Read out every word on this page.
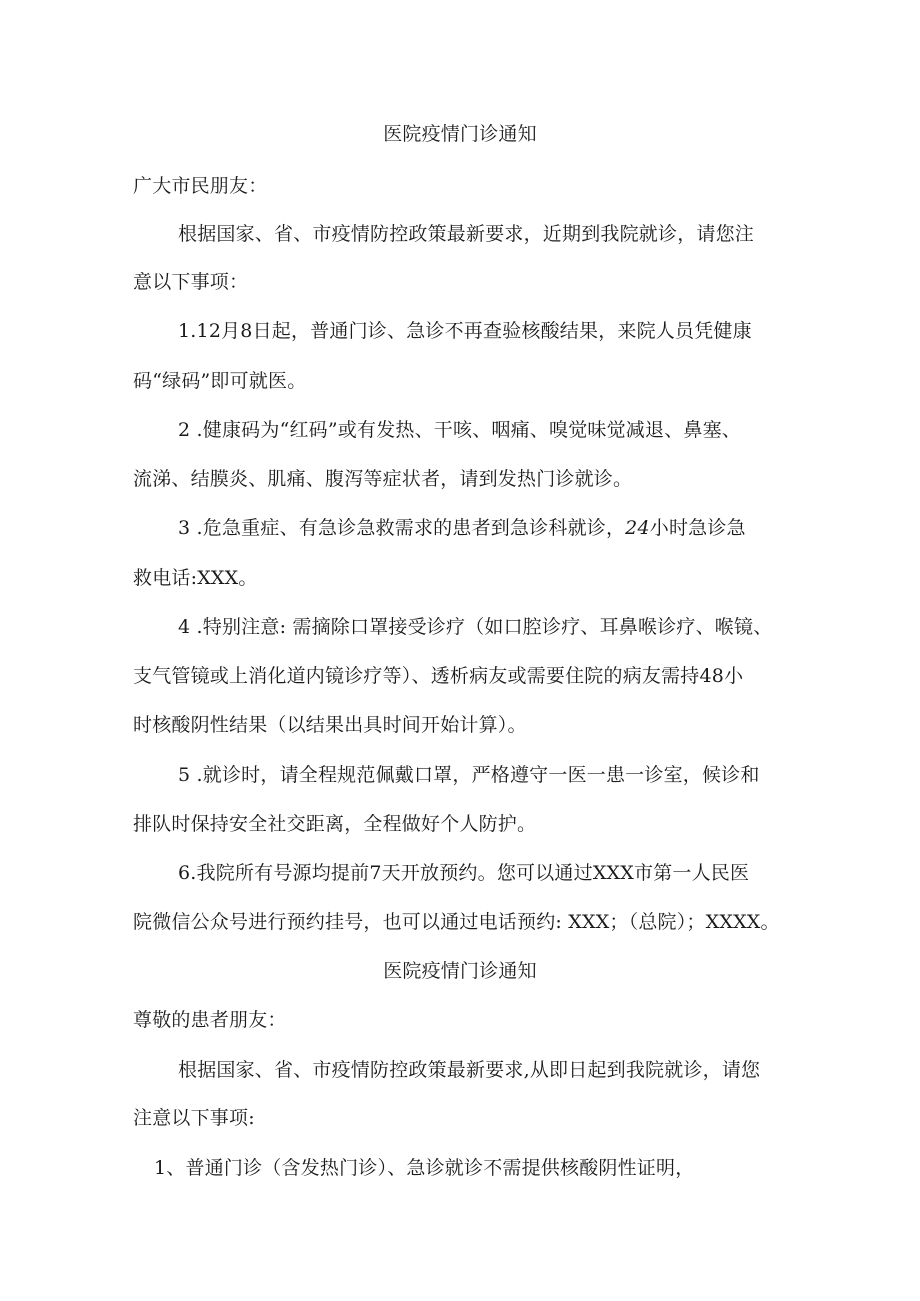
医院疫情门诊通知
广大市民朋友：
根据国家、省、市疫情防控政策最新要求，近期到我院就诊，请您注
意以下事项：
1.12月8日起，普通门诊、急诊不再查验核酸结果，来院人员凭健康
码“绿码”即可就医。
2 .健康码为“红码”或有发热、干咳、咽痛、嗅觉味觉减退、鼻塞、
流涕、结膜炎、肌痛、腹泻等症状者，请到发热门诊就诊。
3 .危急重症、有急诊急救需求的患者到急诊科就诊，24小时急诊急
救电话:XXX。
4 .特别注意: 需摘除口罩接受诊疗（如口腔诊疗、耳鼻喉诊疗、喉镜、
支气管镜或上消化道内镜诊疗等）、透析病友或需要住院的病友需持48小
时核酸阴性结果（以结果出具时间开始计算）。
5 .就诊时，请全程规范佩戴口罩，严格遵守一医一患一诊室，候诊和
排队时保持安全社交距离，全程做好个人防护。
6.我院所有号源均提前7天开放预约。您可以通过XXX市第一人民医
院微信公众号进行预约挂号，也可以通过电话预约: XXX；（总院）；XXXX。
医院疫情门诊通知
尊敬的患者朋友：
根据国家、省、市疫情防控政策最新要求,从即日起到我院就诊，请您
注意以下事项:
1、普通门诊（含发热门诊）、急诊就诊不需提供核酸阴性证明，
